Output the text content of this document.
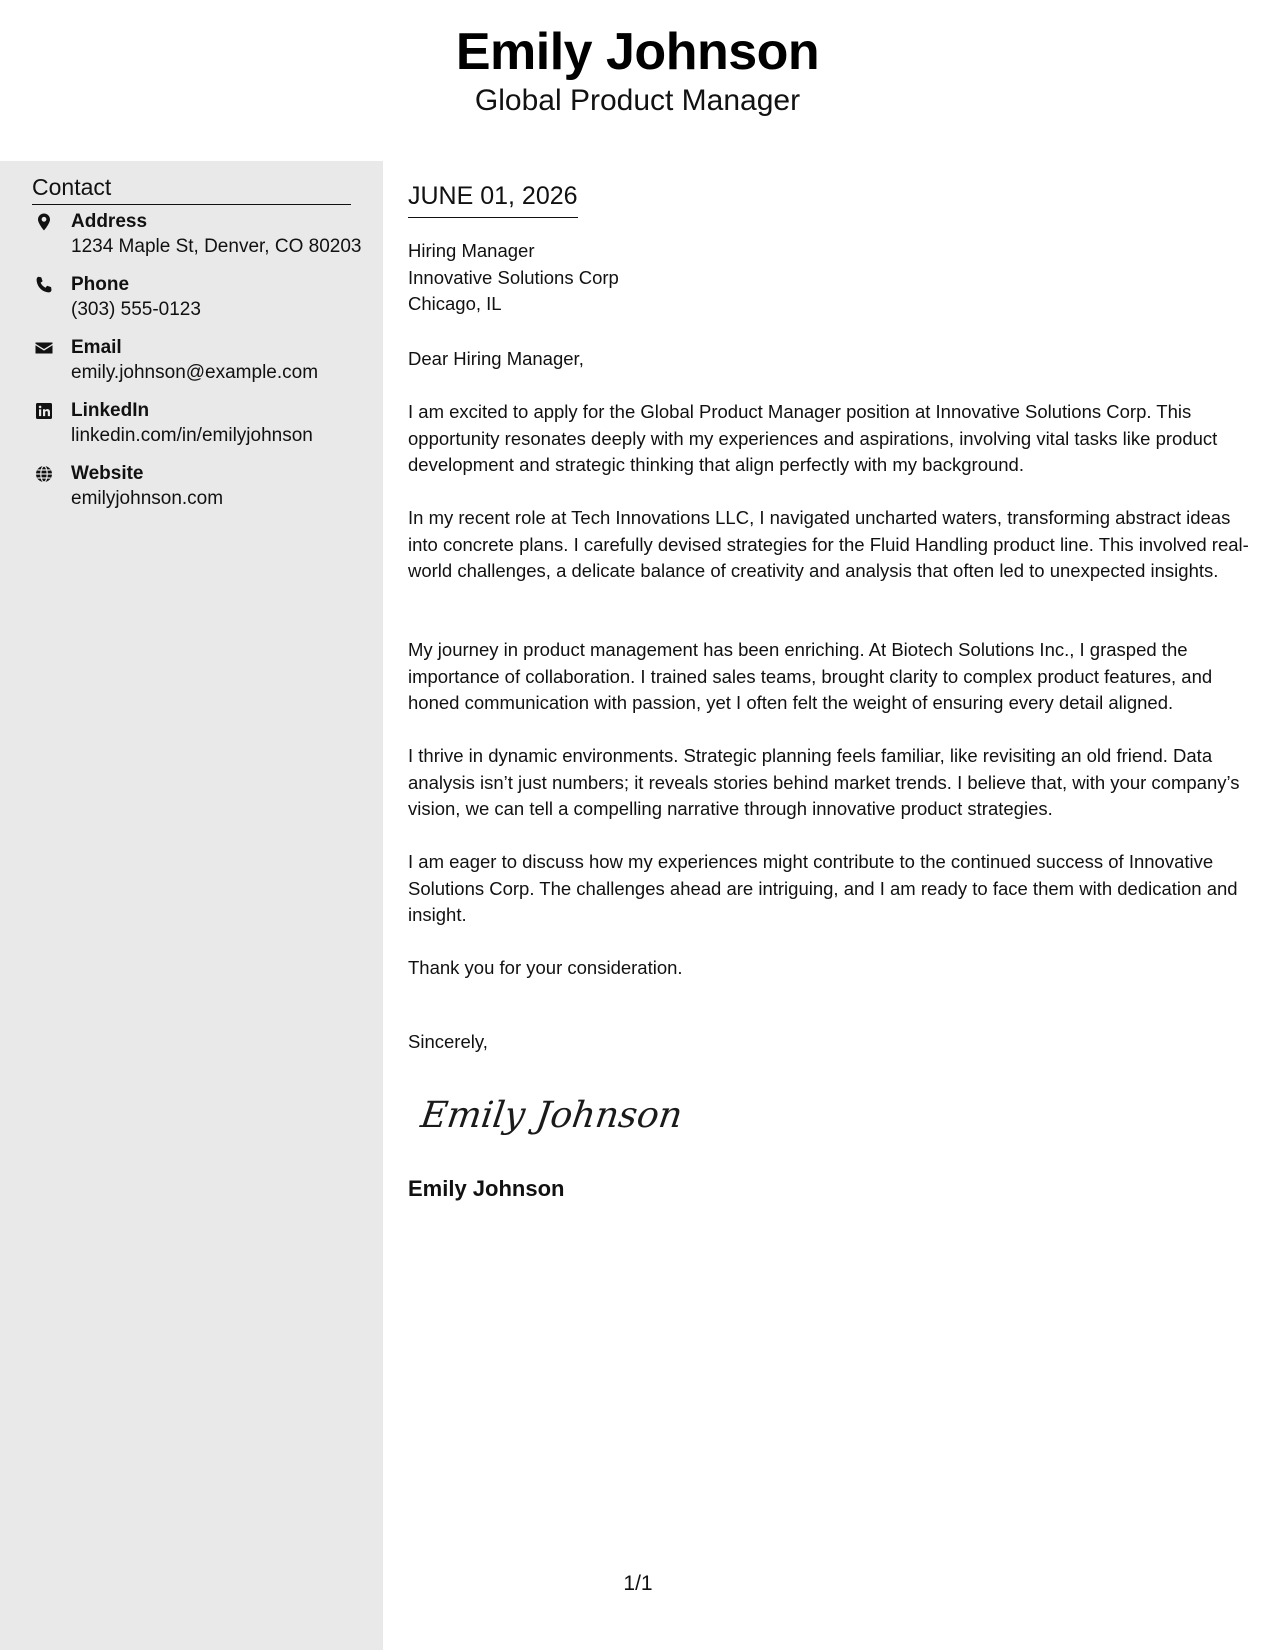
Emily Johnson
Global Product Manager
Contact
Address
1234 Maple St, Denver, CO 80203
Phone
(303) 555-0123
Email
emily.johnson@example.com
LinkedIn
linkedin.com/in/emilyjohnson
Website
emilyjohnson.com
JUNE 01, 2026
Hiring Manager
Innovative Solutions Corp
Chicago, IL
Dear Hiring Manager,
I am excited to apply for the Global Product Manager position at Innovative Solutions Corp. This opportunity resonates deeply with my experiences and aspirations, involving vital tasks like product development and strategic thinking that align perfectly with my background.
In my recent role at Tech Innovations LLC, I navigated uncharted waters, transforming abstract ideas into concrete plans. I carefully devised strategies for the Fluid Handling product line. This involved real-world challenges, a delicate balance of creativity and analysis that often led to unexpected insights.
My journey in product management has been enriching. At Biotech Solutions Inc., I grasped the importance of collaboration. I trained sales teams, brought clarity to complex product features, and honed communication with passion, yet I often felt the weight of ensuring every detail aligned.
I thrive in dynamic environments. Strategic planning feels familiar, like revisiting an old friend. Data analysis isn’t just numbers; it reveals stories behind market trends. I believe that, with your company’s vision, we can tell a compelling narrative through innovative product strategies.
I am eager to discuss how my experiences might contribute to the continued success of Innovative Solutions Corp. The challenges ahead are intriguing, and I am ready to face them with dedication and insight.
Thank you for your consideration.
Sincerely,
Emily Johnson
Emily Johnson
1/1
